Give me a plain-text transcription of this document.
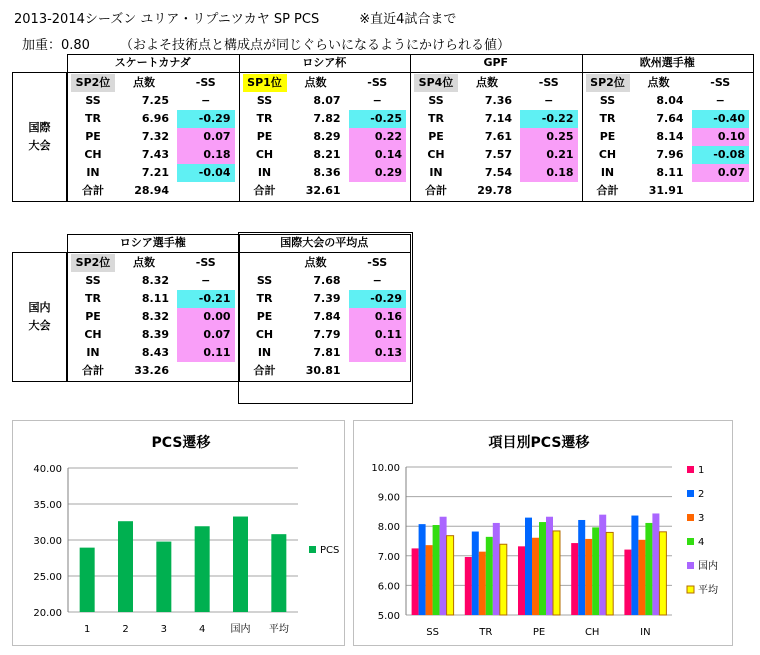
2013-2014シーズン ユリア・リプニツカヤ SP PCS	※直近4試合まで
加重：0.80 （およそ技術点と構成点が同じぐらいになるようにかけられる値）
国際
大会
スケートカナダ
SP2位	点数	-SS
SS	7.25	−
TR	6.96	-0.29
PE	7.32	0.07
CH	7.43	0.18
IN	7.21	-0.04
合計	28.94
ロシア杯
SP1位	点数	-SS
SS	8.07	−
TR	7.82	-0.25
PE	8.29	0.22
CH	8.21	0.14
IN	8.36	0.29
合計	32.61
GPF
SP4位	点数	-SS
SS	7.36	−
TR	7.14	-0.22
PE	7.61	0.25
CH	7.57	0.21
IN	7.54	0.18
合計	29.78
欧州選手権
SP2位	点数	-SS
SS	8.04	−
TR	7.64	-0.40
PE	8.14	0.10
CH	7.96	-0.08
IN	8.11	0.07
合計	31.91
国内
大会
ロシア選手権
SP2位	点数	-SS
SS	8.32	−
TR	8.11	-0.21
PE	8.32	0.00
CH	8.39	0.07
IN	8.43	0.11
合計	33.26
国際大会の平均点
点数	-SS
SS	7.68	−
TR	7.39	-0.29
PE	7.84	0.16
CH	7.79	0.11
IN	7.81	0.13
合計	30.81
PCS遷移
20.00
25.00
30.00
35.00
40.00
1	2	3	4	国内 平均
PCS
項目別PCS遷移
5.00
6.00
7.00
8.00
9.00
10.00
SS	TR	PE	CH	IN
1
2
3
4
国内
平均
